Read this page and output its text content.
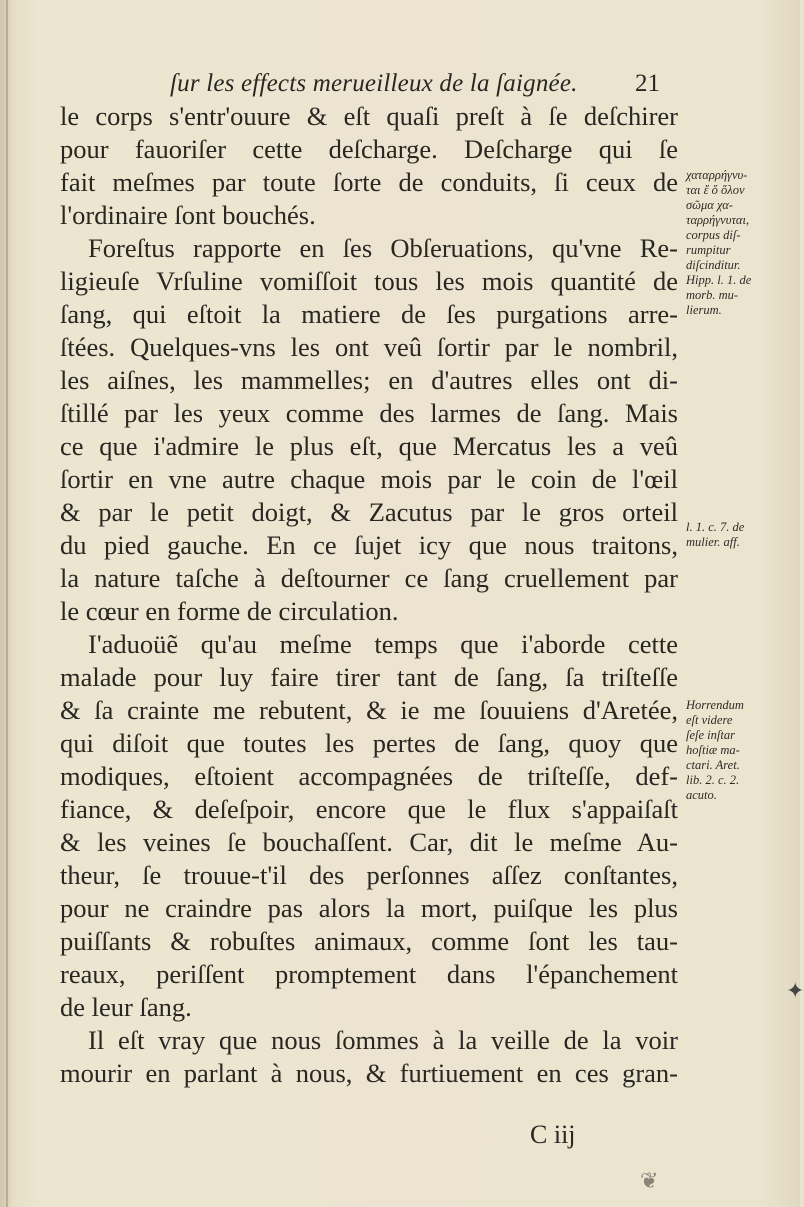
ſur les effects merueilleux de la ſaignée. 21
le corps s'entr'ouure & eſt quaſi preſt à ſe deſchirer
pour fauoriſer cette deſcharge. Deſcharge qui ſe
fait meſmes par toute ſorte de conduits, ſi ceux de
l'ordinaire ſont bouchés.
Foreſtus rapporte en ſes Obſeruations, qu'vne Re-
ligieuſe Vrſuline vomiſſoit tous les mois quantité de
ſang, qui eſtoit la matiere de ſes purgations arre-
ſtées. Quelques-vns les ont veû ſortir par le nombril,
les aiſnes, les mammelles; en d'autres elles ont di-
ſtillé par les yeux comme des larmes de ſang. Mais
ce que i'admire le plus eſt, que Mercatus les a veû
ſortir en vne autre chaque mois par le coin de l'œil
& par le petit doigt, & Zacutus par le gros orteil
du pied gauche. En ce ſujet icy que nous traitons,
la nature taſche à deſtourner ce ſang cruellement par
le cœur en forme de circulation.
I'aduoüẽ qu'au meſme temps que i'aborde cette
malade pour luy faire tirer tant de ſang, ſa triſteſſe
& ſa crainte me rebutent, & ie me ſouuiens d'Aretée,
qui diſoit que toutes les pertes de ſang, quoy que
modiques, eſtoient accompagnées de triſteſſe, def-
fiance, & deſeſpoir, encore que le flux s'appaiſaſt
& les veines ſe bouchaſſent. Car, dit le meſme Au-
theur, ſe trouue-t'il des perſonnes aſſez conſtantes,
pour ne craindre pas alors la mort, puiſque les plus
puiſſants & robuſtes animaux, comme ſont les tau-
reaux, periſſent promptement dans l'épanchement
de leur ſang.
Il eſt vray que nous ſommes à la veille de la voir
mourir en parlant à nous, & furtiuement en ces gran-
χαταρρήγνυ-
ται ἔ ὅ ὅλον
σῶμα χα-
ταρρήγνυται,
corpus diſ-
rumpitur
diſcinditur.
Hipp. l. 1. de
morb. mu-
lierum.
l. 1. c. 7. de
mulier. aff.
Horrendum
eſt videre
ſeſe inſtar
hoſtiæ ma-
ctari. Aret.
lib. 2. c. 2.
acuto.
C iij
❦
✦
